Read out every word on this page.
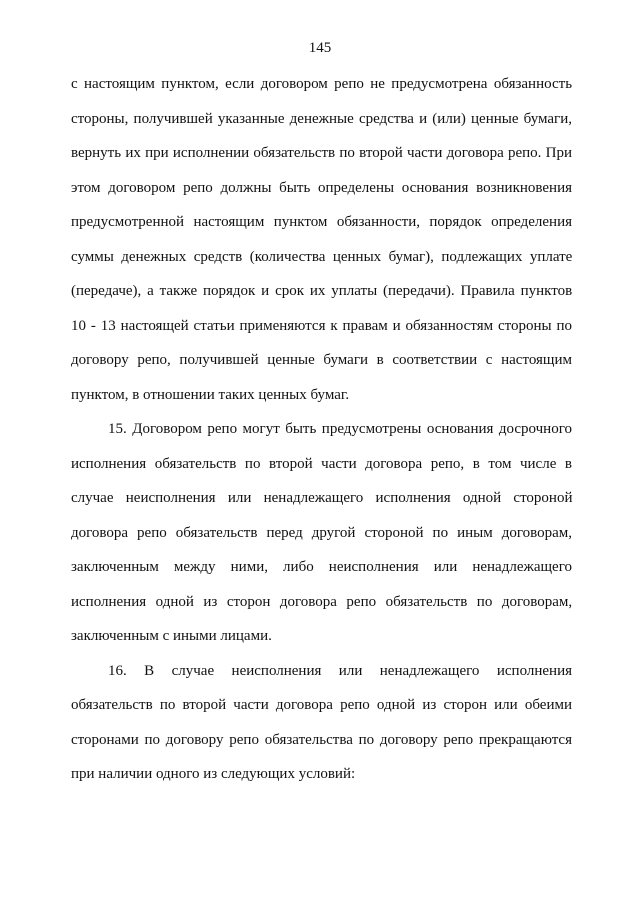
145
с настоящим пунктом, если договором репо не предусмотрена обязанность
стороны, получившей указанные денежные средства и (или) ценные бумаги,
вернуть их при исполнении обязательств по второй части договора репо. При
этом договором репо должны быть определены основания возникновения
предусмотренной настоящим пунктом обязанности, порядок определения
суммы денежных средств (количества ценных бумаг), подлежащих уплате
(передаче), а также порядок и срок их уплаты (передачи). Правила пунктов
10 - 13 настоящей статьи применяются к правам и обязанностям стороны по
договору репо, получившей ценные бумаги в соответствии с настоящим
пунктом, в отношении таких ценных бумаг.
15. Договором репо могут быть предусмотрены основания досрочного
исполнения обязательств по второй части договора репо, в том числе в
случае неисполнения или ненадлежащего исполнения одной стороной
договора репо обязательств перед другой стороной по иным договорам,
заключенным между ними, либо неисполнения или ненадлежащего
исполнения одной из сторон договора репо обязательств по договорам,
заключенным с иными лицами.
16. В случае неисполнения или ненадлежащего исполнения
обязательств по второй части договора репо одной из сторон или обеими
сторонами по договору репо обязательства по договору репо прекращаются
при наличии одного из следующих условий:
